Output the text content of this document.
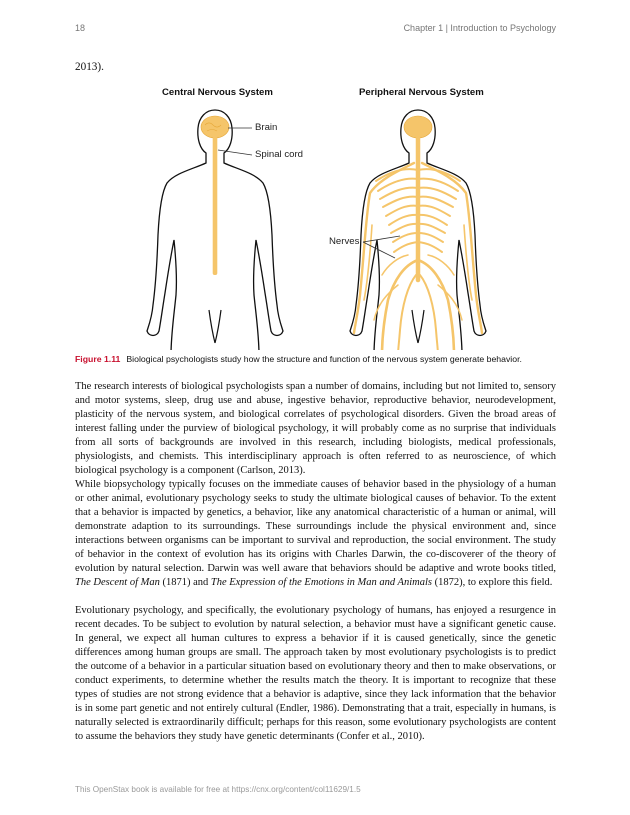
18	Chapter 1 | Introduction to Psychology
2013).
Central Nervous System	Peripheral Nervous System
Brain
Spinal cord
Nerves
Figure 1.11 Biological psychologists study how the structure and function of the nervous system generate behavior.

The research interests of biological psychologists span a number of domains, including but not limited to, sensory and motor systems, sleep, drug use and abuse, ingestive behavior, reproductive behavior, neurodevelopment, plasticity of the nervous system, and biological correlates of psychological disorders. Given the broad areas of interest falling under the purview of biological psychology, it will probably come as no surprise that individuals from all sorts of backgrounds are involved in this research, including biologists, medical professionals, physiologists, and chemists. This interdisciplinary approach is often referred to as neuroscience, of which biological psychology is a component (Carlson, 2013).

While biopsychology typically focuses on the immediate causes of behavior based in the physiology of a human or other animal, evolutionary psychology seeks to study the ultimate biological causes of behavior. To the extent that a behavior is impacted by genetics, a behavior, like any anatomical characteristic of a human or animal, will demonstrate adaption to its surroundings. These surroundings include the physical environment and, since interactions between organisms can be important to survival and reproduction, the social environment. The study of behavior in the context of evolution has its origins with Charles Darwin, the co-discoverer of the theory of evolution by natural selection. Darwin was well aware that behaviors should be adaptive and wrote books titled, The Descent of Man (1871) and The Expression of the Emotions in Man and Animals (1872), to explore this field.

Evolutionary psychology, and specifically, the evolutionary psychology of humans, has enjoyed a resurgence in recent decades. To be subject to evolution by natural selection, a behavior must have a significant genetic cause. In general, we expect all human cultures to express a behavior if it is caused genetically, since the genetic differences among human groups are small. The approach taken by most evolutionary psychologists is to predict the outcome of a behavior in a particular situation based on evolutionary theory and then to make observations, or conduct experiments, to determine whether the results match the theory. It is important to recognize that these types of studies are not strong evidence that a behavior is adaptive, since they lack information that the behavior is in some part genetic and not entirely cultural (Endler, 1986). Demonstrating that a trait, especially in humans, is naturally selected is extraordinarily difficult; perhaps for this reason, some evolutionary psychologists are content to assume the behaviors they study have genetic determinants (Confer et al., 2010).

This OpenStax book is available for free at https://cnx.org/content/col11629/1.5
